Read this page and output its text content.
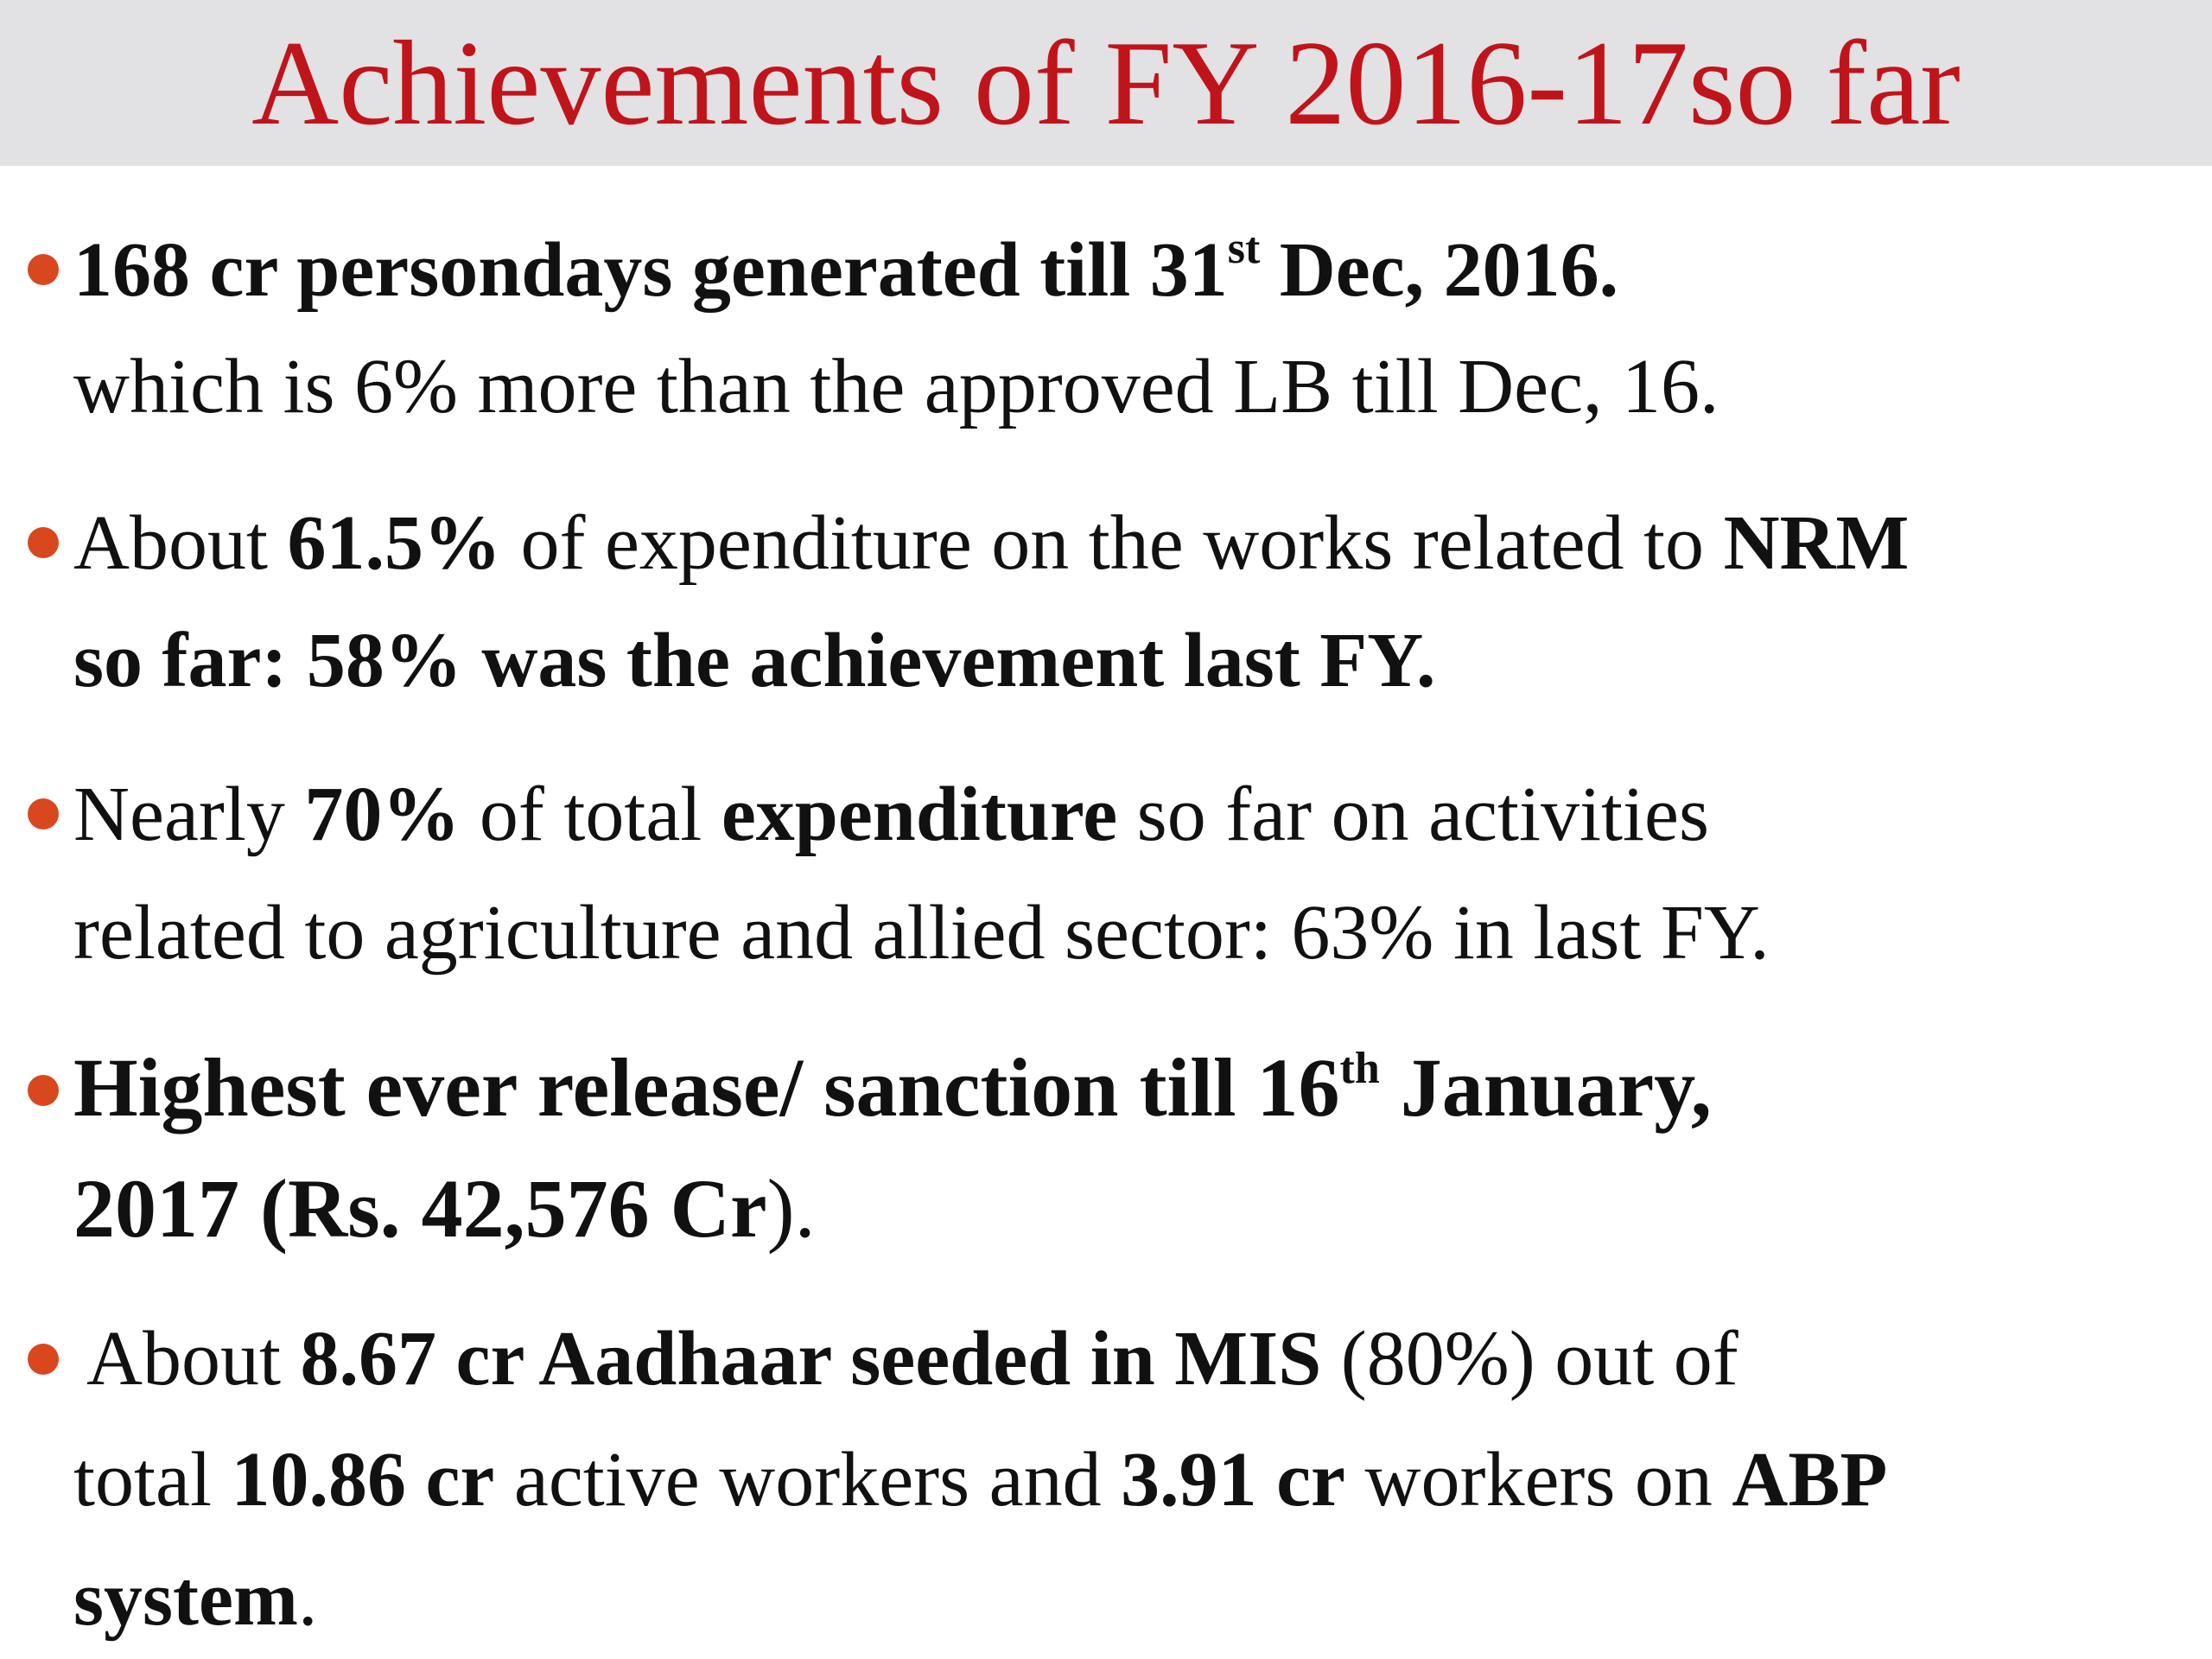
Achievements of FY 2016-17so far
168 cr persondays generated till 31st Dec, 2016.
which is 6% more than the approved LB till Dec, 16.
About 61.5% of expenditure on the works related to NRM
so far: 58% was the achievement last FY.
Nearly 70% of total expenditure so far on activities
related to agriculture and allied sector: 63% in last FY.
Highest ever release/ sanction till 16th January,
2017 (Rs. 42,576 Cr).
About 8.67 cr Aadhaar seeded in MIS (80%) out of
total 10.86 cr active workers and 3.91 cr workers on ABP
system.
